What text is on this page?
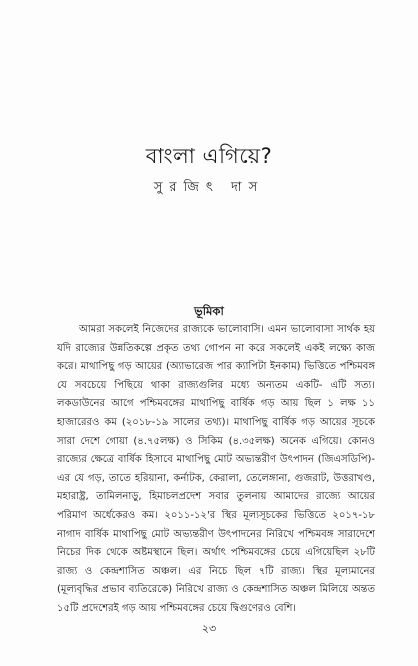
বাংলা এগিয়ে?
সুরজিৎ দাস
ভূমিকা
আমরা সকলেই নিজেদের রাজ্যকে ভালোবাসি। এমন ভালোবাসা সার্থক হয় যদি রাজ্যের উন্নতিকল্পে প্রকৃত তথ্য গোপন না করে সকলেই একই লক্ষ্যে কাজ করে। মাথাপিছু গড় আয়ের (অ্যাভারেজ পার ক্যাপিটা ইনকাম) ভিত্তিতে পশ্চিমবঙ্গ যে সবচেয়ে পিছিয়ে থাকা রাজ্যগুলির মধ্যে অন্যতম একটি- এটি সত্য। লকডাউনের আগে পশ্চিমবঙ্গের মাথাপিছু বার্ষিক গড় আয় ছিল ১ লক্ষ ১১ হাজারেরও কম (২০১৮-১৯ সালের তথ্য)। মাথাপিছু বার্ষিক গড় আয়ের সূচকে সারা দেশে গোয়া (৪.৭৫লক্ষ) ও সিকিম (৪.৩৫লক্ষ) অনেক এগিয়ে। কোনও রাজ্যের ক্ষেত্রে বার্ষিক হিসাবে মাথাপিছু মোট অভ্যন্তরীণ উৎপাদন (জিএসডিপি)-এর যে গড়, তাতে হরিয়ানা, কর্নাটক, কেরালা, তেলেঙ্গানা, গুজরাট, উত্তরাখণ্ড, মহারাষ্ট্র, তামিলনাড়ু, হিমাচলপ্রদেশ সবার তুলনায় আমাদের রাজ্যে আয়ের পরিমাণ অর্ধেকেরও কম। ২০১১-১২'র স্থির মূল্যসূচকের ভিত্তিতে ২০১৭-১৮ নাগাদ বার্ষিক মাথাপিছু মোট অভ্যন্তরীণ উৎপাদনের নিরিখে পশ্চিমবঙ্গ সারাদেশে নিচের দিক থেকে অষ্টমস্থানে ছিল। অর্থাৎ পশ্চিমবঙ্গের চেয়ে এগিয়েছিল ২৮টি রাজ্য ও কেন্দ্রশাসিত অঞ্চল। এর নিচে ছিল ৭টি রাজ্য। স্থির মূল্যমানের (মূল্যবৃদ্ধির প্রভাব ব্যতিরেকে) নিরিখে রাজ্য ও কেন্দ্রশাসিত অঞ্চল মিলিয়ে অন্তত ১৫টি প্রদেশেরই গড় আয় পশ্চিমবঙ্গের চেয়ে দ্বিগুণেরও বেশি।
২৩
